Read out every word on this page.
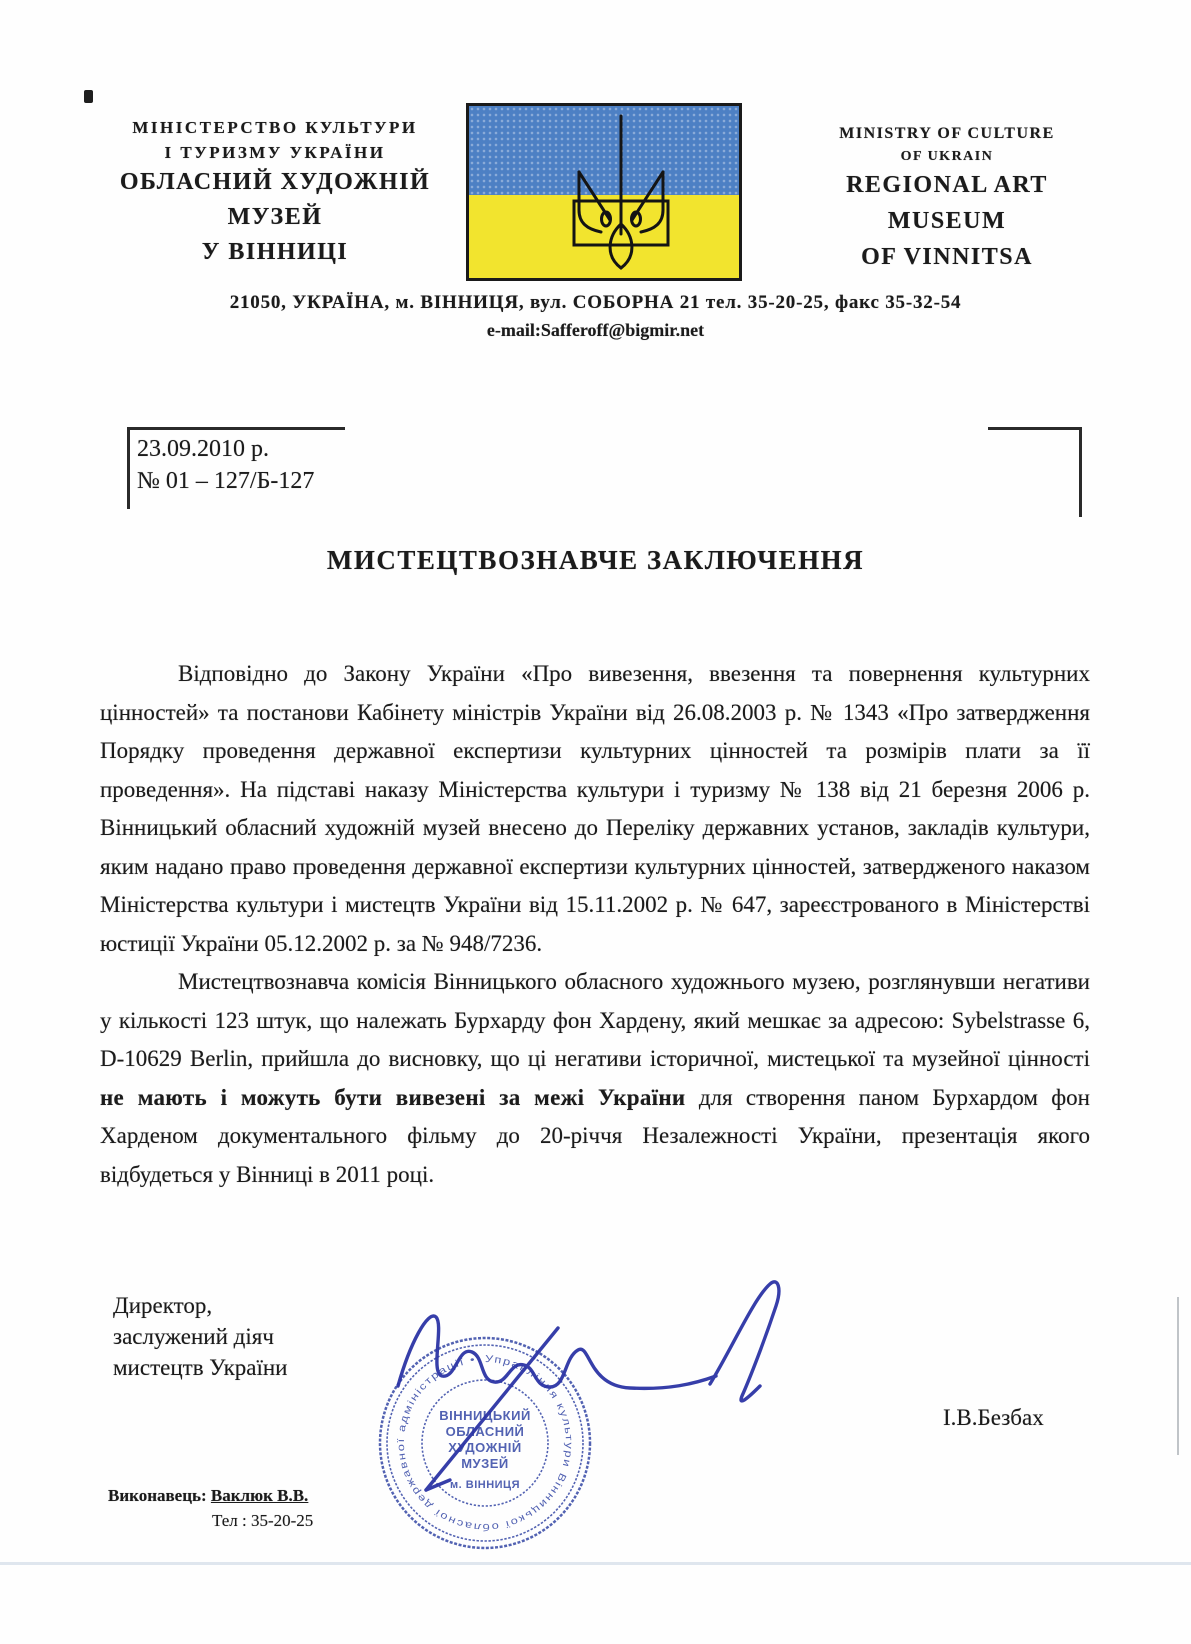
МІНІСТЕРСТВО КУЛЬТУРИ
І ТУРИЗМУ УКРАЇНИ
ОБЛАСНИЙ ХУДОЖНІЙ
МУЗЕЙ
У ВІННИЦІ
MINISTRY OF CULTURE
OF UKRAIN
REGIONAL ART
MUSEUM
OF VINNITSA
21050, УКРАЇНА, м. ВІННИЦЯ, вул. СОБОРНА 21 тел. 35-20-25, факс 35-32-54
e-mail:Safferoff@bigmir.net
23.09.2010 р.
№ 01 – 127/Б-127
МИСТЕЦТВОЗНАВЧЕ ЗАКЛЮЧЕННЯ

Відповідно до Закону України «Про вивезення, ввезення та повернення культурних цінностей» та постанови Кабінету міністрів України від 26.08.2003 р. № 1343 «Про затвердження Порядку проведення державної експертизи культурних цінностей та розмірів плати за її проведення». На підставі наказу Міністерства культури і туризму № 138 від 21 березня 2006 р. Вінницький обласний художній музей внесено до Переліку державних установ, закладів культури, яким надано право проведення державної експертизи культурних цінностей, затвердженого наказом Міністерства культури і мистецтв України від 15.11.2002 р. № 647, зареєстрованого в Міністерстві юстиції України 05.12.2002 р. за № 948/7236.

Мистецтвознавча комісія Вінницького обласного художнього музею, розглянувши негативи у кількості 123 штук, що належать Бурхарду фон Хардену, який мешкає за адресою: Sybelstrasse 6, D-10629 Berlin, прийшла до висновку, що ці негативи історичної, мистецької та музейної цінності не мають і можуть бути вивезені за межі України для створення паном Бурхардом фон Харденом документального фільму до 20-річчя Незалежності України, презентація якого відбудеться у Вінниці в 2011 році.

Директор,
заслужений діяч
мистецтв України	Управління культури Вінницької обласної державної адміністрації •
ВІННИЦЬКИЙ
ОБЛАСНИЙ
ХУДОЖНІЙ
МУЗЕЙ
м. ВІННИЦЯ
І.В.Безбах
Виконавець: Ваклюк В.В.
Тел : 35-20-25
